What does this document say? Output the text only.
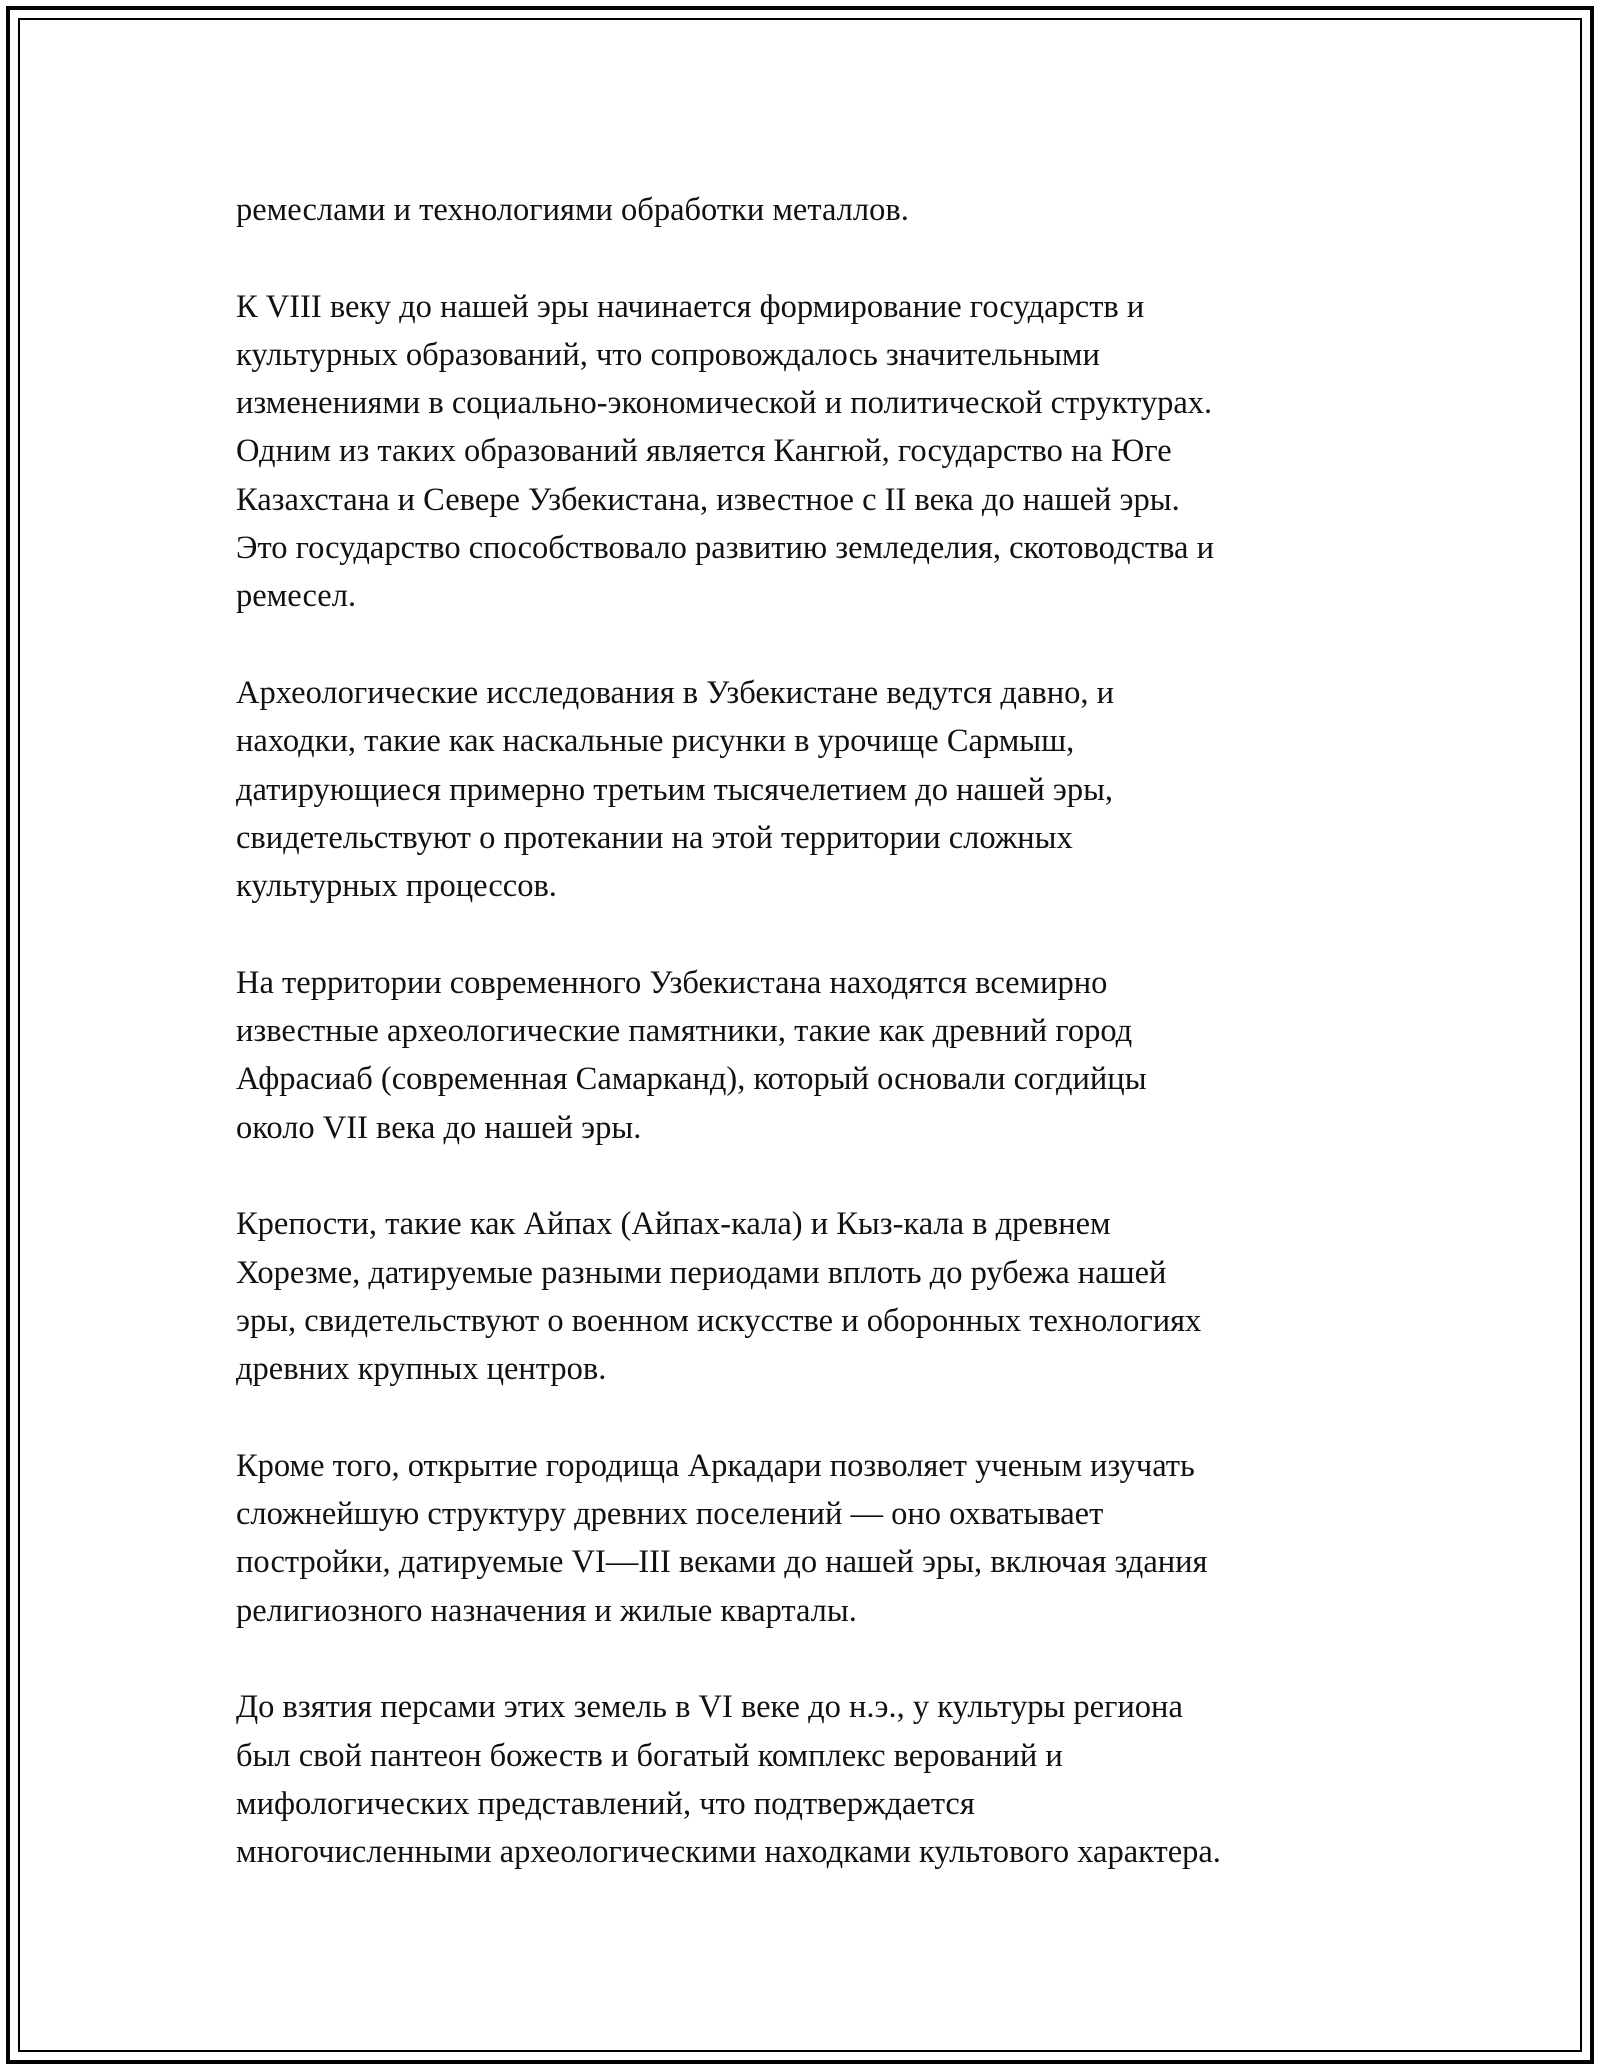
ремеслами и технологиями обработки металлов.

К VIII веку до нашей эры начинается формирование государств и
культурных образований, что сопровождалось значительными
изменениями в социально-экономической и политической структурах.
Одним из таких образований является Кангюй, государство на Юге
Казахстана и Севере Узбекистана, известное с II века до нашей эры.
Это государство способствовало развитию земледелия, скотоводства и
ремесел.

Археологические исследования в Узбекистане ведутся давно, и
находки, такие как наскальные рисунки в урочище Сармыш,
датирующиеся примерно третьим тысячелетием до нашей эры,
свидетельствуют о протекании на этой территории сложных
культурных процессов.

На территории современного Узбекистана находятся всемирно
известные археологические памятники, такие как древний город
Афрасиаб (современная Самарканд), который основали согдийцы
около VII века до нашей эры.

Крепости, такие как Айпах (Айпах-кала) и Кыз-кала в древнем
Хорезме, датируемые разными периодами вплоть до рубежа нашей
эры, свидетельствуют о военном искусстве и оборонных технологиях
древних крупных центров.

Кроме того, открытие городища Аркадари позволяет ученым изучать
сложнейшую структуру древних поселений — оно охватывает
постройки, датируемые VI—III веками до нашей эры, включая здания
религиозного назначения и жилые кварталы.

До взятия персами этих земель в VI веке до н.э., у культуры региона
был свой пантеон божеств и богатый комплекс верований и
мифологических представлений, что подтверждается
многочисленными археологическими находками культового характера.
